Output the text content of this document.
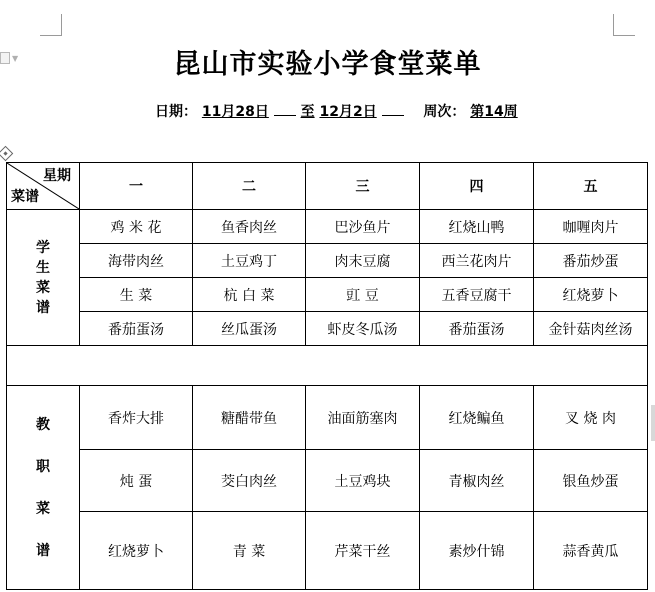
▼	昆山市实验小学食堂菜单
日期： 11月28日 至 12月2日	周次： 第14周
星期
菜谱	一	二	三	四	五

学
生
菜
谱	鸡 米 花	鱼香肉丝	巴沙鱼片	红烧山鸭	咖喱肉片
	海带肉丝	土豆鸡丁	肉末豆腐	西兰花肉片	番茄炒蛋
	生 菜	杭 白 菜	豇 豆	五香豆腐干	红烧萝卜
	番茄蛋汤	丝瓜蛋汤	虾皮冬瓜汤	番茄蛋汤	金针菇肉丝汤

教
职
菜
谱	香炸大排	糖醋带鱼	油面筋塞肉	红烧鳊鱼	叉 烧 肉
	炖 蛋	茭白肉丝	土豆鸡块	青椒肉丝	银鱼炒蛋
	红烧萝卜	青 菜	芹菜干丝	素炒什锦	蒜香黄瓜
